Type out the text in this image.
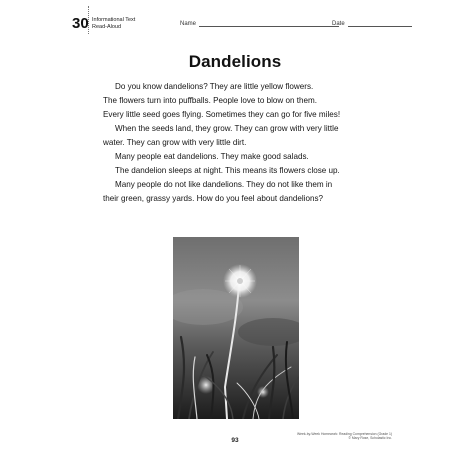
30 Informational Text
Read-Aloud	Name	Date
Dandelions

Do you know dandelions? They are little yellow flowers.

The flowers turn into puffballs. People love to blow on them.

Every little seed goes flying. Sometimes they can go for five miles!

When the seeds land, they grow. They can grow with very little

water. They can grow with very little dirt.

Many people eat dandelions. They make good salads.

The dandelion sleeps at night. This means its flowers close up.

Many people do not like dandelions. They do not like them in

their green, grassy yards. How do you feel about dandelions?

93
Week-by-Week Homework: Reading Comprehension (Grade 1)
© Mary Rose, Scholastic Inc.
